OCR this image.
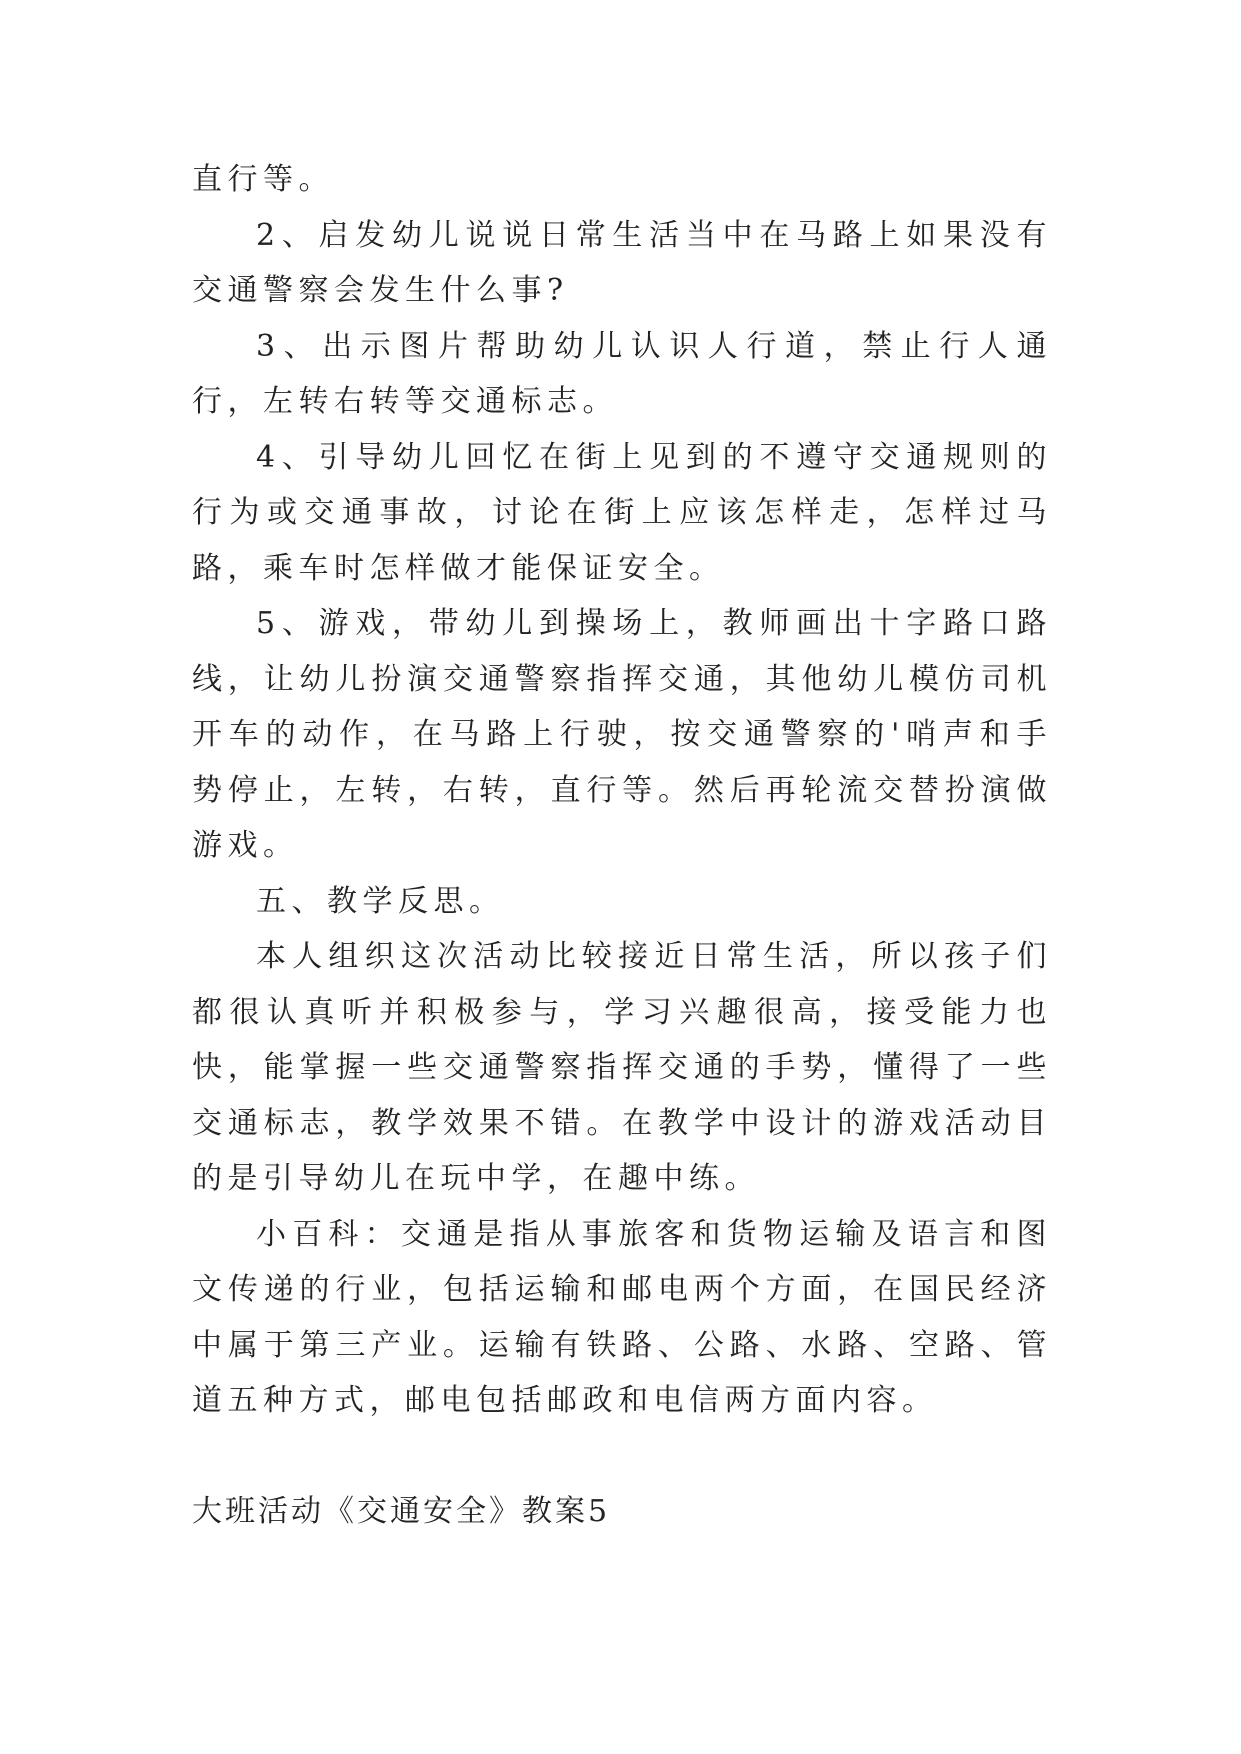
直行等。

2、启发幼儿说说日常生活当中在马路上如果没有交通警察会发生什么事?

3、出示图片帮助幼儿认识人行道，禁止行人通行，左转右转等交通标志。

4、引导幼儿回忆在街上见到的不遵守交通规则的行为或交通事故，讨论在街上应该怎样走，怎样过马路，乘车时怎样做才能保证安全。

5、游戏，带幼儿到操场上，教师画出十字路口路线，让幼儿扮演交通警察指挥交通，其他幼儿模仿司机开车的动作，在马路上行驶，按交通警察的'哨声和手势停止，左转，右转，直行等。然后再轮流交替扮演做游戏。

五、教学反思。

本人组织这次活动比较接近日常生活，所以孩子们都很认真听并积极参与，学习兴趣很高，接受能力也快，能掌握一些交通警察指挥交通的手势，懂得了一些交通标志，教学效果不错。在教学中设计的游戏活动目的是引导幼儿在玩中学，在趣中练。

小百科：交通是指从事旅客和货物运输及语言和图文传递的行业，包括运输和邮电两个方面，在国民经济中属于第三产业。运输有铁路、公路、水路、空路、管道五种方式，邮电包括邮政和电信两方面内容。

大班活动《交通安全》教案5
